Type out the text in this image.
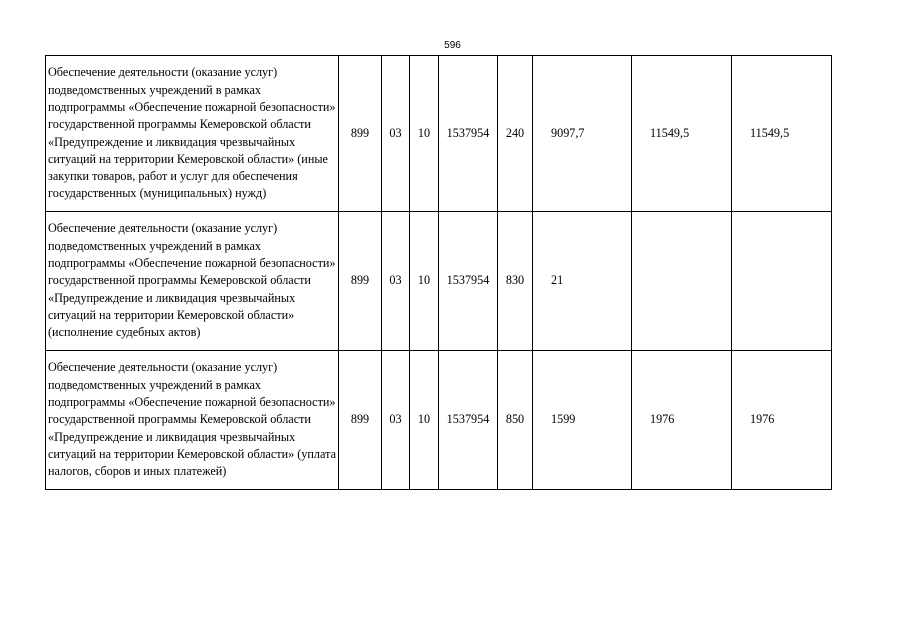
596
Обеспечение деятельности (оказание услуг) подведомственных учреждений в рамках подпрограммы «Обеспечение пожарной безопасности» государственной программы Кемеровской области «Предупреждение и ликвидация чрезвычайных ситуаций на территории Кемеровской области» (иные закупки товаров, работ и услуг для обеспечения государственных (муниципальных) нужд)	899	03	10	1537954	240	9097,7	11549,5	11549,5
Обеспечение деятельности (оказание услуг) подведомственных учреждений в рамках подпрограммы «Обеспечение пожарной безопасности» государственной программы Кемеровской области «Предупреждение и ликвидация чрезвычайных ситуаций на территории Кемеровской области» (исполнение судебных актов)	899	03	10	1537954	830	21		
Обеспечение деятельности (оказание услуг) подведомственных учреждений в рамках подпрограммы «Обеспечение пожарной безопасности» государственной программы Кемеровской области «Предупреждение и ликвидация чрезвычайных ситуаций на территории Кемеровской области» (уплата налогов, сборов и иных платежей)	899	03	10	1537954	850	1599	1976	1976
